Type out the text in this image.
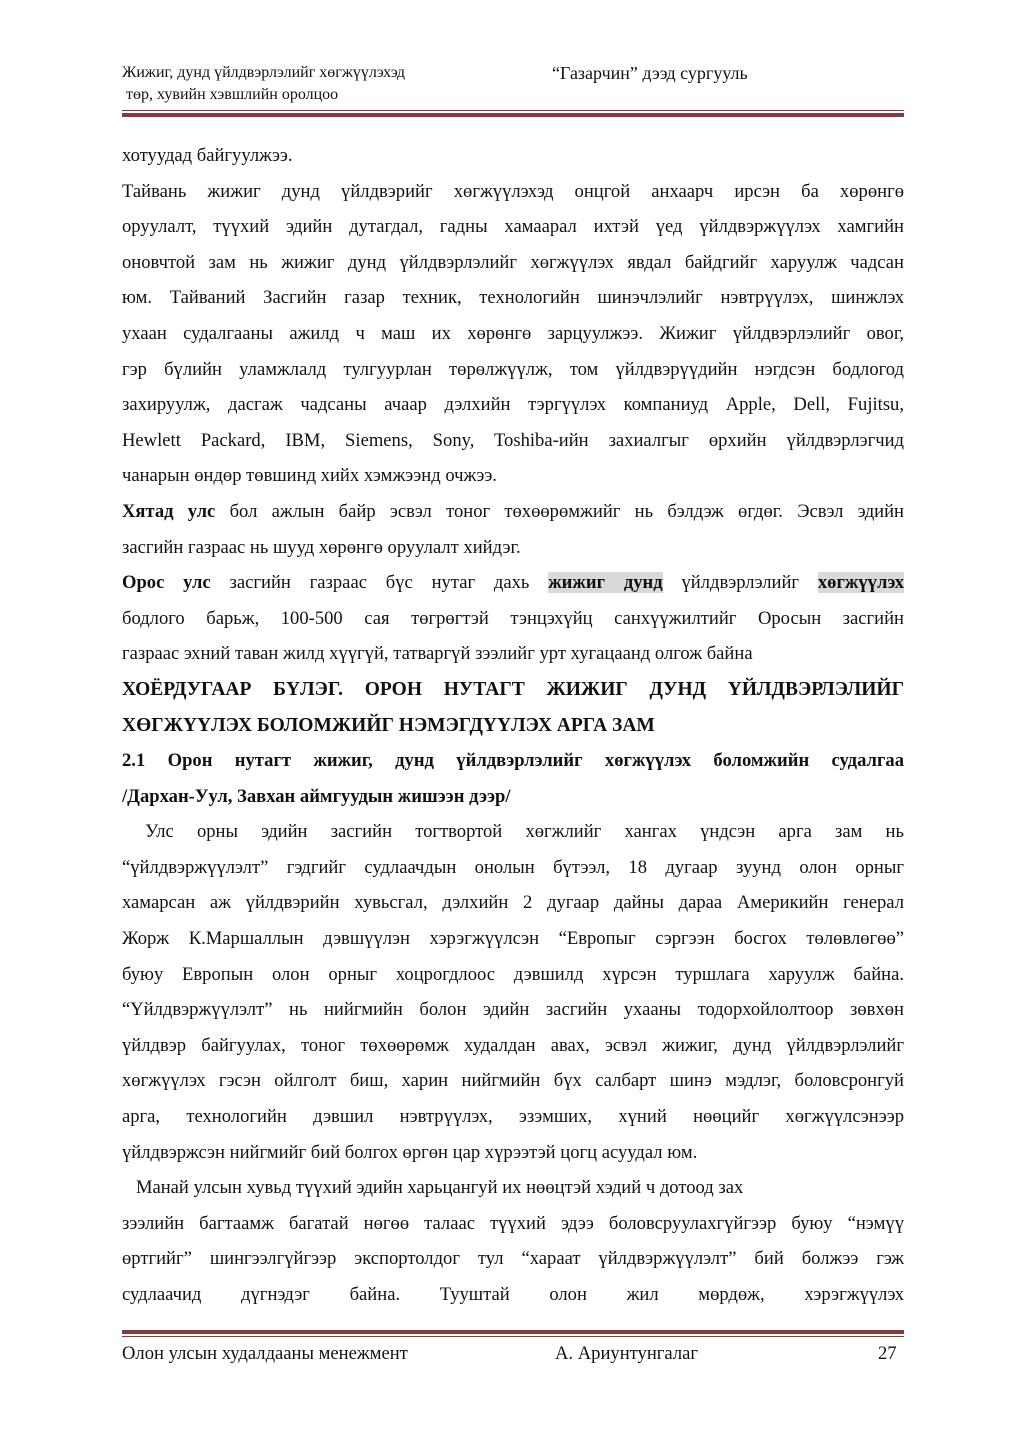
Жижиг, дунд үйлдвэрлэлийг хөгжүүлэхэд
төр, хувийн хэвшлийн оролцоо
“Газарчин” дээд сургууль

хотуудад байгуулжээ.

Тайвань жижиг дунд үйлдвэрийг хөгжүүлэхэд онцгой анхаарч ирсэн ба хөрөнгө

оруулалт, түүхий эдийн дутагдал, гадны хамаарал ихтэй үед үйлдвэржүүлэх хамгийн

оновчтой зам нь жижиг дунд үйлдвэрлэлийг хөгжүүлэх явдал байдгийг харуулж чадсан

юм. Тайваний Засгийн газар техник, технологийн шинэчлэлийг нэвтрүүлэх, шинжлэх

ухаан судалгааны ажилд ч маш их хөрөнгө зарцуулжээ. Жижиг үйлдвэрлэлийг овог,

гэр бүлийн уламжлалд тулгуурлан төрөлжүүлж, том үйлдвэрүүдийн нэгдсэн бодлогод

захируулж, дасгаж чадсаны ачаар дэлхийн тэргүүлэх компаниуд Apple, Dell, Fujitsu,

Hewlett Packard, IBM, Siemens, Sony, Toshiba-ийн захиалгыг өрхийн үйлдвэрлэгчид

чанарын өндөр төвшинд хийх хэмжээнд очжээ.

Хятад улс бол ажлын байр эсвэл тоног төхөөрөмжийг нь бэлдэж өгдөг. Эсвэл эдийн

засгийн газраас нь шууд хөрөнгө оруулалт хийдэг.

Орос улс засгийн газраас бүс нутаг дахь жижиг дунд үйлдвэрлэлийг хөгжүүлэх

бодлого барьж, 100-500 сая төгрөгтэй тэнцэхүйц санхүүжилтийг Оросын засгийн

газраас эхний таван жилд хүүгүй, татваргүй зээлийг урт хугацаанд олгож байна

ХОЁРДУГААР БҮЛЭГ. ОРОН НУТАГТ ЖИЖИГ ДУНД ҮЙЛДВЭРЛЭЛИЙГ

ХӨГЖҮҮЛЭХ БОЛОМЖИЙГ НЭМЭГДҮҮЛЭХ АРГА ЗАМ

2.1 Орон нутагт жижиг, дунд үйлдвэрлэлийг хөгжүүлэх боломжийн судалгаа

/Дархан-Уул, Завхан аймгуудын жишээн дээр/

Улс орны эдийн засгийн тогтвортой хөгжлийг хангах үндсэн арга зам нь

“үйлдвэржүүлэлт” гэдгийг судлаачдын онолын бүтээл, 18 дугаар зуунд олон орныг

хамарсан аж үйлдвэрийн хувьсгал, дэлхийн 2 дугаар дайны дараа Америкийн генерал

Жорж К.Маршаллын дэвшүүлэн хэрэгжүүлсэн “Европыг сэргээн босгох төлөвлөгөө”

буюу Европын олон орныг хоцрогдлоос дэвшилд хүрсэн туршлага харуулж байна.

“Үйлдвэржүүлэлт” нь нийгмийн болон эдийн засгийн ухааны тодорхойлолтоор зөвхөн

үйлдвэр байгуулах, тоног төхөөрөмж худалдан авах, эсвэл жижиг, дунд үйлдвэрлэлийг

хөгжүүлэх гэсэн ойлголт биш, харин нийгмийн бүх салбарт шинэ мэдлэг, боловсронгуй

арга, технологийн дэвшил нэвтрүүлэх, эзэмших, хүний нөөцийг хөгжүүлсэнээр

үйлдвэржсэн нийгмийг бий болгох өргөн цар хүрээтэй цогц асуудал юм.

Манай улсын хувьд түүхий эдийн харьцангуй их нөөцтэй хэдий ч дотоод зах

зээлийн багтаамж багатай нөгөө талаас түүхий эдээ боловсруулахгүйгээр буюу “нэмүү

өртгийг” шингээлгүйгээр экспортолдог тул “хараат үйлдвэржүүлэлт” бий болжээ гэж

судлаачид дүгнэдэг байна. Тууштай олон жил мөрдөж, хэрэгжүүлэх

Олон улсын худалдааны менежмент	А. Ариунтунгалаг	27
